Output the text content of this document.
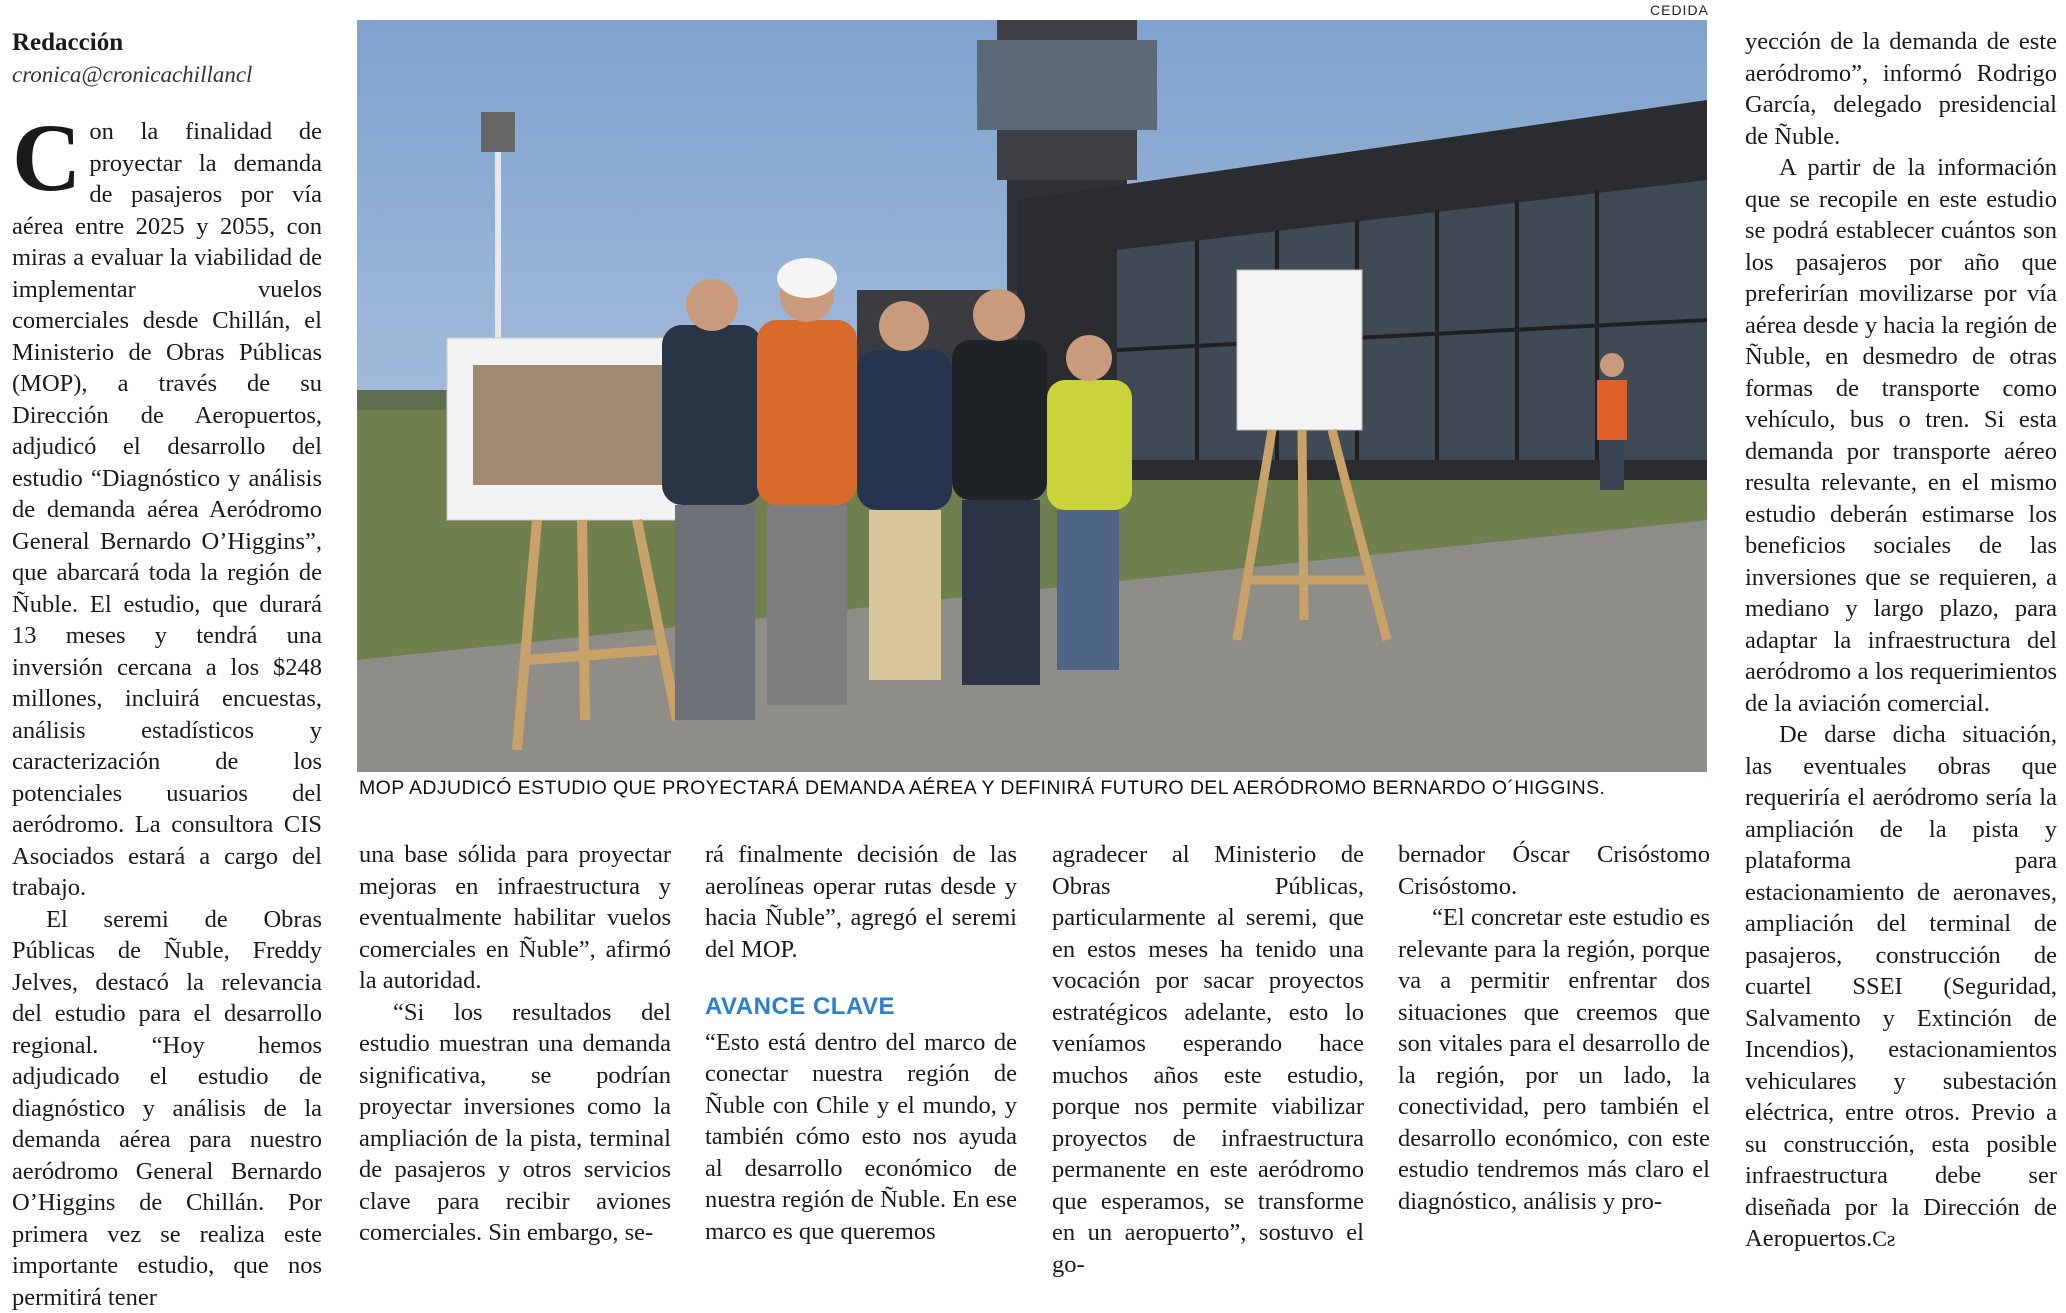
Redacción
cronica@cronicachillancl

Con la finalidad de proyectar la demanda de pasajeros por vía aérea entre 2025 y 2055, con miras a evaluar la viabilidad de implementar vuelos comerciales desde Chillán, el Ministerio de Obras Públicas (MOP), a través de su Dirección de Aeropuertos, adjudicó el desarrollo del estudio “Diagnóstico y análisis de demanda aérea Aeródromo General Bernardo O’Higgins”, que abarcará toda la región de Ñuble. El estudio, que durará 13 meses y tendrá una inversión cercana a los $248 millones, incluirá encuestas, análisis estadísticos y caracterización de los potenciales usuarios del aeródromo. La consultora CIS Asociados estará a cargo del trabajo.

El seremi de Obras Públicas de Ñuble, Freddy Jelves, destacó la relevancia del estudio para el desarrollo regional. “Hoy hemos adjudicado el estudio de diagnóstico y análisis de la demanda aérea para nuestro aeródromo General Bernardo O’Higgins de Chillán. Por primera vez se realiza este importante estudio, que nos permitirá tener

CEDIDA
MOP ADJUDICÓ ESTUDIO QUE PROYECTARÁ DEMANDA AÉREA Y DEFINIRÁ FUTURO DEL AERÓDROMO BERNARDO O´HIGGINS.

una base sólida para proyectar mejoras en infraestructura y eventualmente habilitar vuelos comerciales en Ñuble”, afirmó la autoridad.

“Si los resultados del estudio muestran una demanda significativa, se podrían proyectar inversiones como la ampliación de la pista, terminal de pasajeros y otros servicios clave para recibir aviones comerciales. Sin embargo, se-

rá finalmente decisión de las aerolíneas operar rutas desde y hacia Ñuble”, agregó el seremi del MOP.

AVANCE CLAVE

“Esto está dentro del marco de conectar nuestra región de Ñuble con Chile y el mundo, y también cómo esto nos ayuda al desarrollo económico de nuestra región de Ñuble. En ese marco es que queremos

agradecer al Ministerio de Obras Públicas, particularmente al seremi, que en estos meses ha tenido una vocación por sacar proyectos estratégicos adelante, esto lo veníamos esperando hace muchos años este estudio, porque nos permite viabilizar proyectos de infraestructura permanente en este aeródromo que esperamos, se transforme en un aeropuerto”, sostuvo el go-

bernador Óscar Crisóstomo Crisóstomo.

“El concretar este estudio es relevante para la región, porque va a permitir enfrentar dos situaciones que creemos que son vitales para el desarrollo de la región, por un lado, la conectividad, pero también el desarrollo económico, con este estudio tendremos más claro el diagnóstico, análisis y pro-

yección de la demanda de este aeródromo”, informó Rodrigo García, delegado presidencial de Ñuble.

A partir de la información que se recopile en este estudio se podrá establecer cuántos son los pasajeros por año que preferirían movilizarse por vía aérea desde y hacia la región de Ñuble, en desmedro de otras formas de transporte como vehículo, bus o tren. Si esta demanda por transporte aéreo resulta relevante, en el mismo estudio deberán estimarse los beneficios sociales de las inversiones que se requieren, a mediano y largo plazo, para adaptar la infraestructura del aeródromo a los requerimientos de la aviación comercial.

De darse dicha situación, las eventuales obras que requeriría el aeródromo sería la ampliación de la pista y plataforma para estacionamiento de aeronaves, ampliación del terminal de pasajeros, construcción de cuartel SSEI (Seguridad, Salvamento y Extinción de Incendios), estacionamientos vehiculares y subestación eléctrica, entre otros. Previo a su construcción, esta posible infraestructura debe ser diseñada por la Dirección de Aeropuertos.Cƨ
